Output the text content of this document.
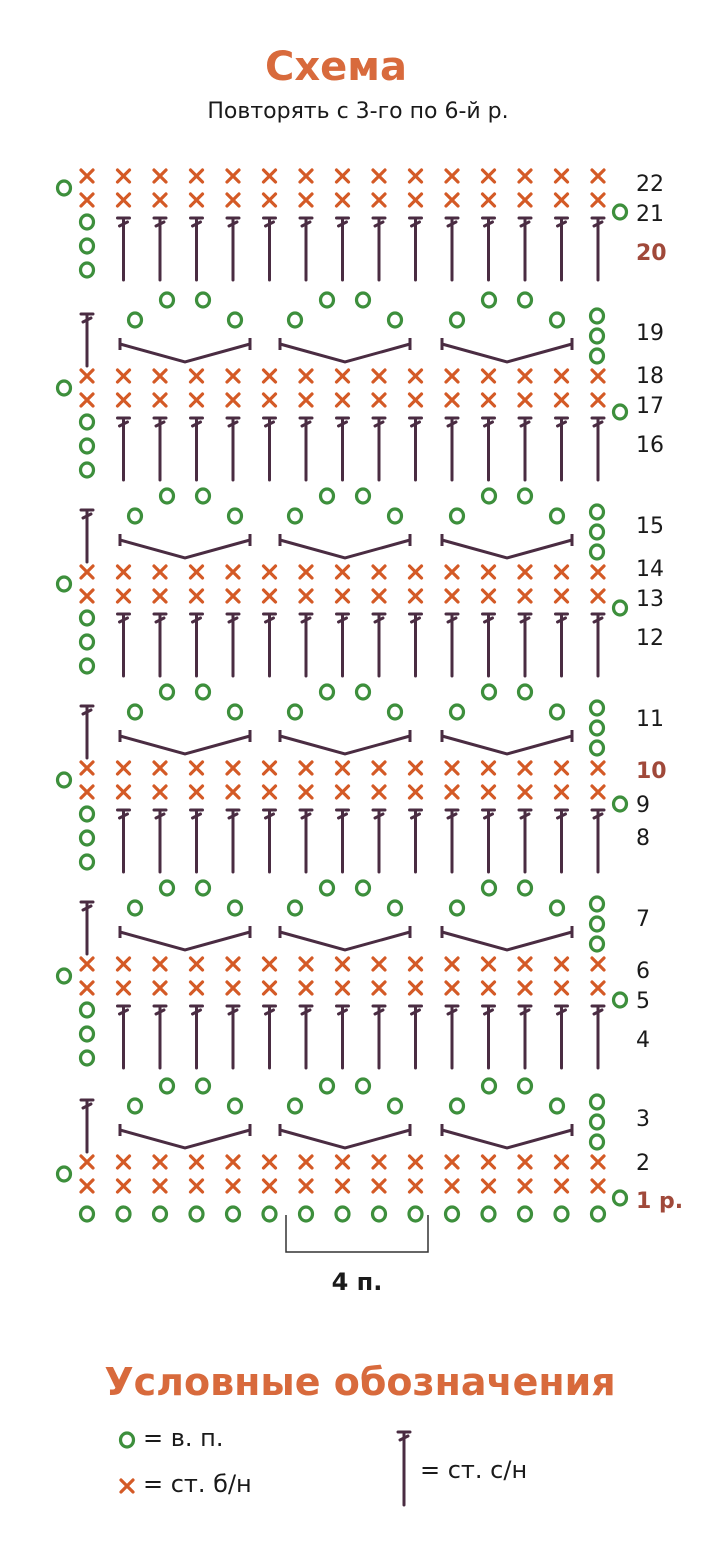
Схема
Повторять с 3-го по 6-й р.
22
21
20
19
18
17
16
15
14
13
12
11
10
9
8
7
6
5
4
3
2
1 р.
4 п.
Условные обозначения
= в. п.
= ст. б/н	= ст. с/н
